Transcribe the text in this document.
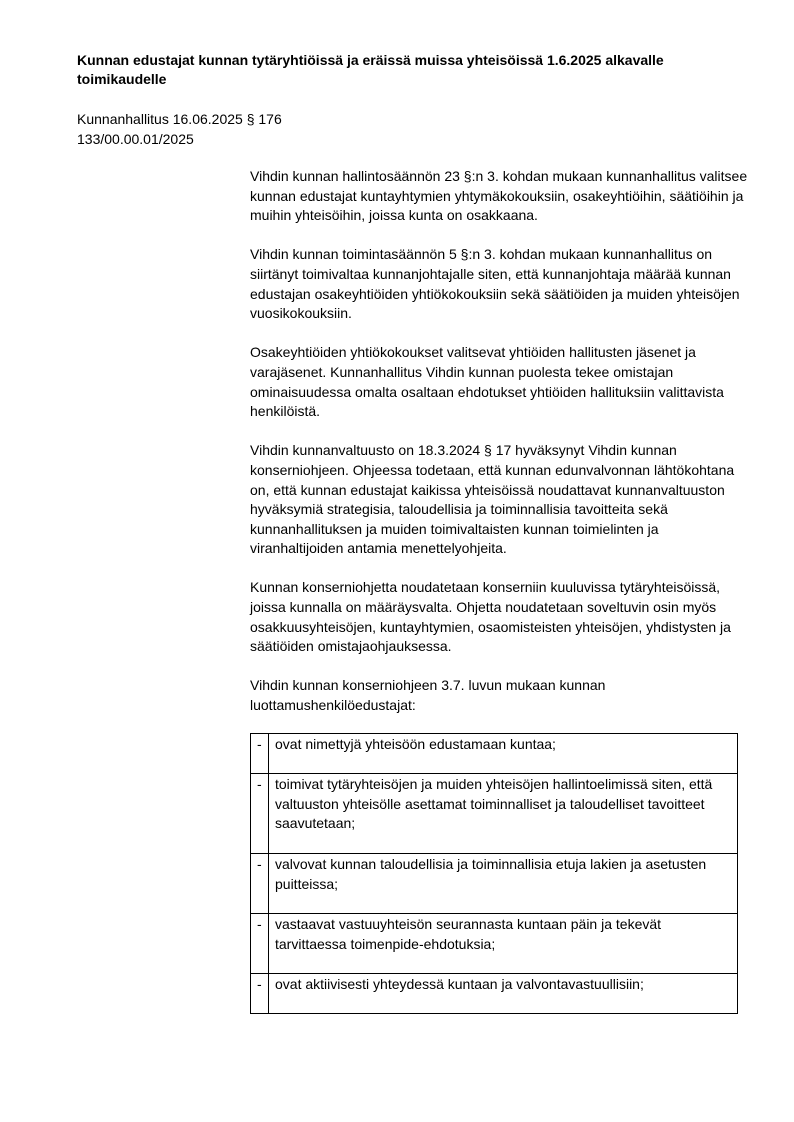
Kunnan edustajat kunnan tytäryhtiöissä ja eräissä muissa yhteisöissä 1.6.2025 alkavalle toimikaudelle
Kunnanhallitus 16.06.2025 § 176
133/00.00.01/2025

Vihdin kunnan hallintosäännön 23 §:n 3. kohdan mukaan kunnanhallitus valitsee kunnan edustajat kuntayhtymien yhtymäkokouksiin, osakeyhtiöihin, säätiöihin ja muihin yhteisöihin, joissa kunta on osakkaana.

Vihdin kunnan toimintasäännön 5 §:n 3. kohdan mukaan kunnanhallitus on siirtänyt toimivaltaa kunnanjohtajalle siten, että kunnanjohtaja määrää kunnan edustajan osakeyhtiöiden yhtiökokouksiin sekä säätiöiden ja muiden yhteisöjen vuosikokouksiin.

Osakeyhtiöiden yhtiökokoukset valitsevat yhtiöiden hallitusten jäsenet ja varajäsenet. Kunnanhallitus Vihdin kunnan puolesta tekee omistajan ominaisuudessa omalta osaltaan ehdotukset yhtiöiden hallituksiin valittavista henkilöistä.

Vihdin kunnanvaltuusto on 18.3.2024 § 17 hyväksynyt Vihdin kunnan konserniohjeen. Ohjeessa todetaan, että kunnan edunvalvonnan lähtökohtana on, että kunnan edustajat kaikissa yhteisöissä noudattavat kunnanvaltuuston hyväksymiä strategisia, taloudellisia ja toiminnallisia tavoitteita sekä kunnanhallituksen ja muiden toimivaltaisten kunnan toimielinten ja viranhaltijoiden antamia menettelyohjeita.

Kunnan konserniohjetta noudatetaan konserniin kuuluvissa tytäryhteisöissä, joissa kunnalla on määräysvalta. Ohjetta noudatetaan soveltuvin osin myös osakkuusyhteisöjen, kuntayhtymien, osaomisteisten yhteisöjen, yhdistysten ja säätiöiden omistajaohjauksessa.

Vihdin kunnan konserniohjeen 3.7. luvun mukaan kunnan luottamushenkilöedustajat:

-	ovat nimettyjä yhteisöön edustamaan kuntaa;
-	toimivat tytäryhteisöjen ja muiden yhteisöjen hallintoelimissä siten, että valtuuston yhteisölle asettamat toiminnalliset ja taloudelliset tavoitteet saavutetaan;
-	valvovat kunnan taloudellisia ja toiminnallisia etuja lakien ja asetusten puitteissa;
-	vastaavat vastuuyhteisön seurannasta kuntaan päin ja tekevät tarvittaessa toimenpide-ehdotuksia;
-	ovat aktiivisesti yhteydessä kuntaan ja valvontavastuullisiin;
